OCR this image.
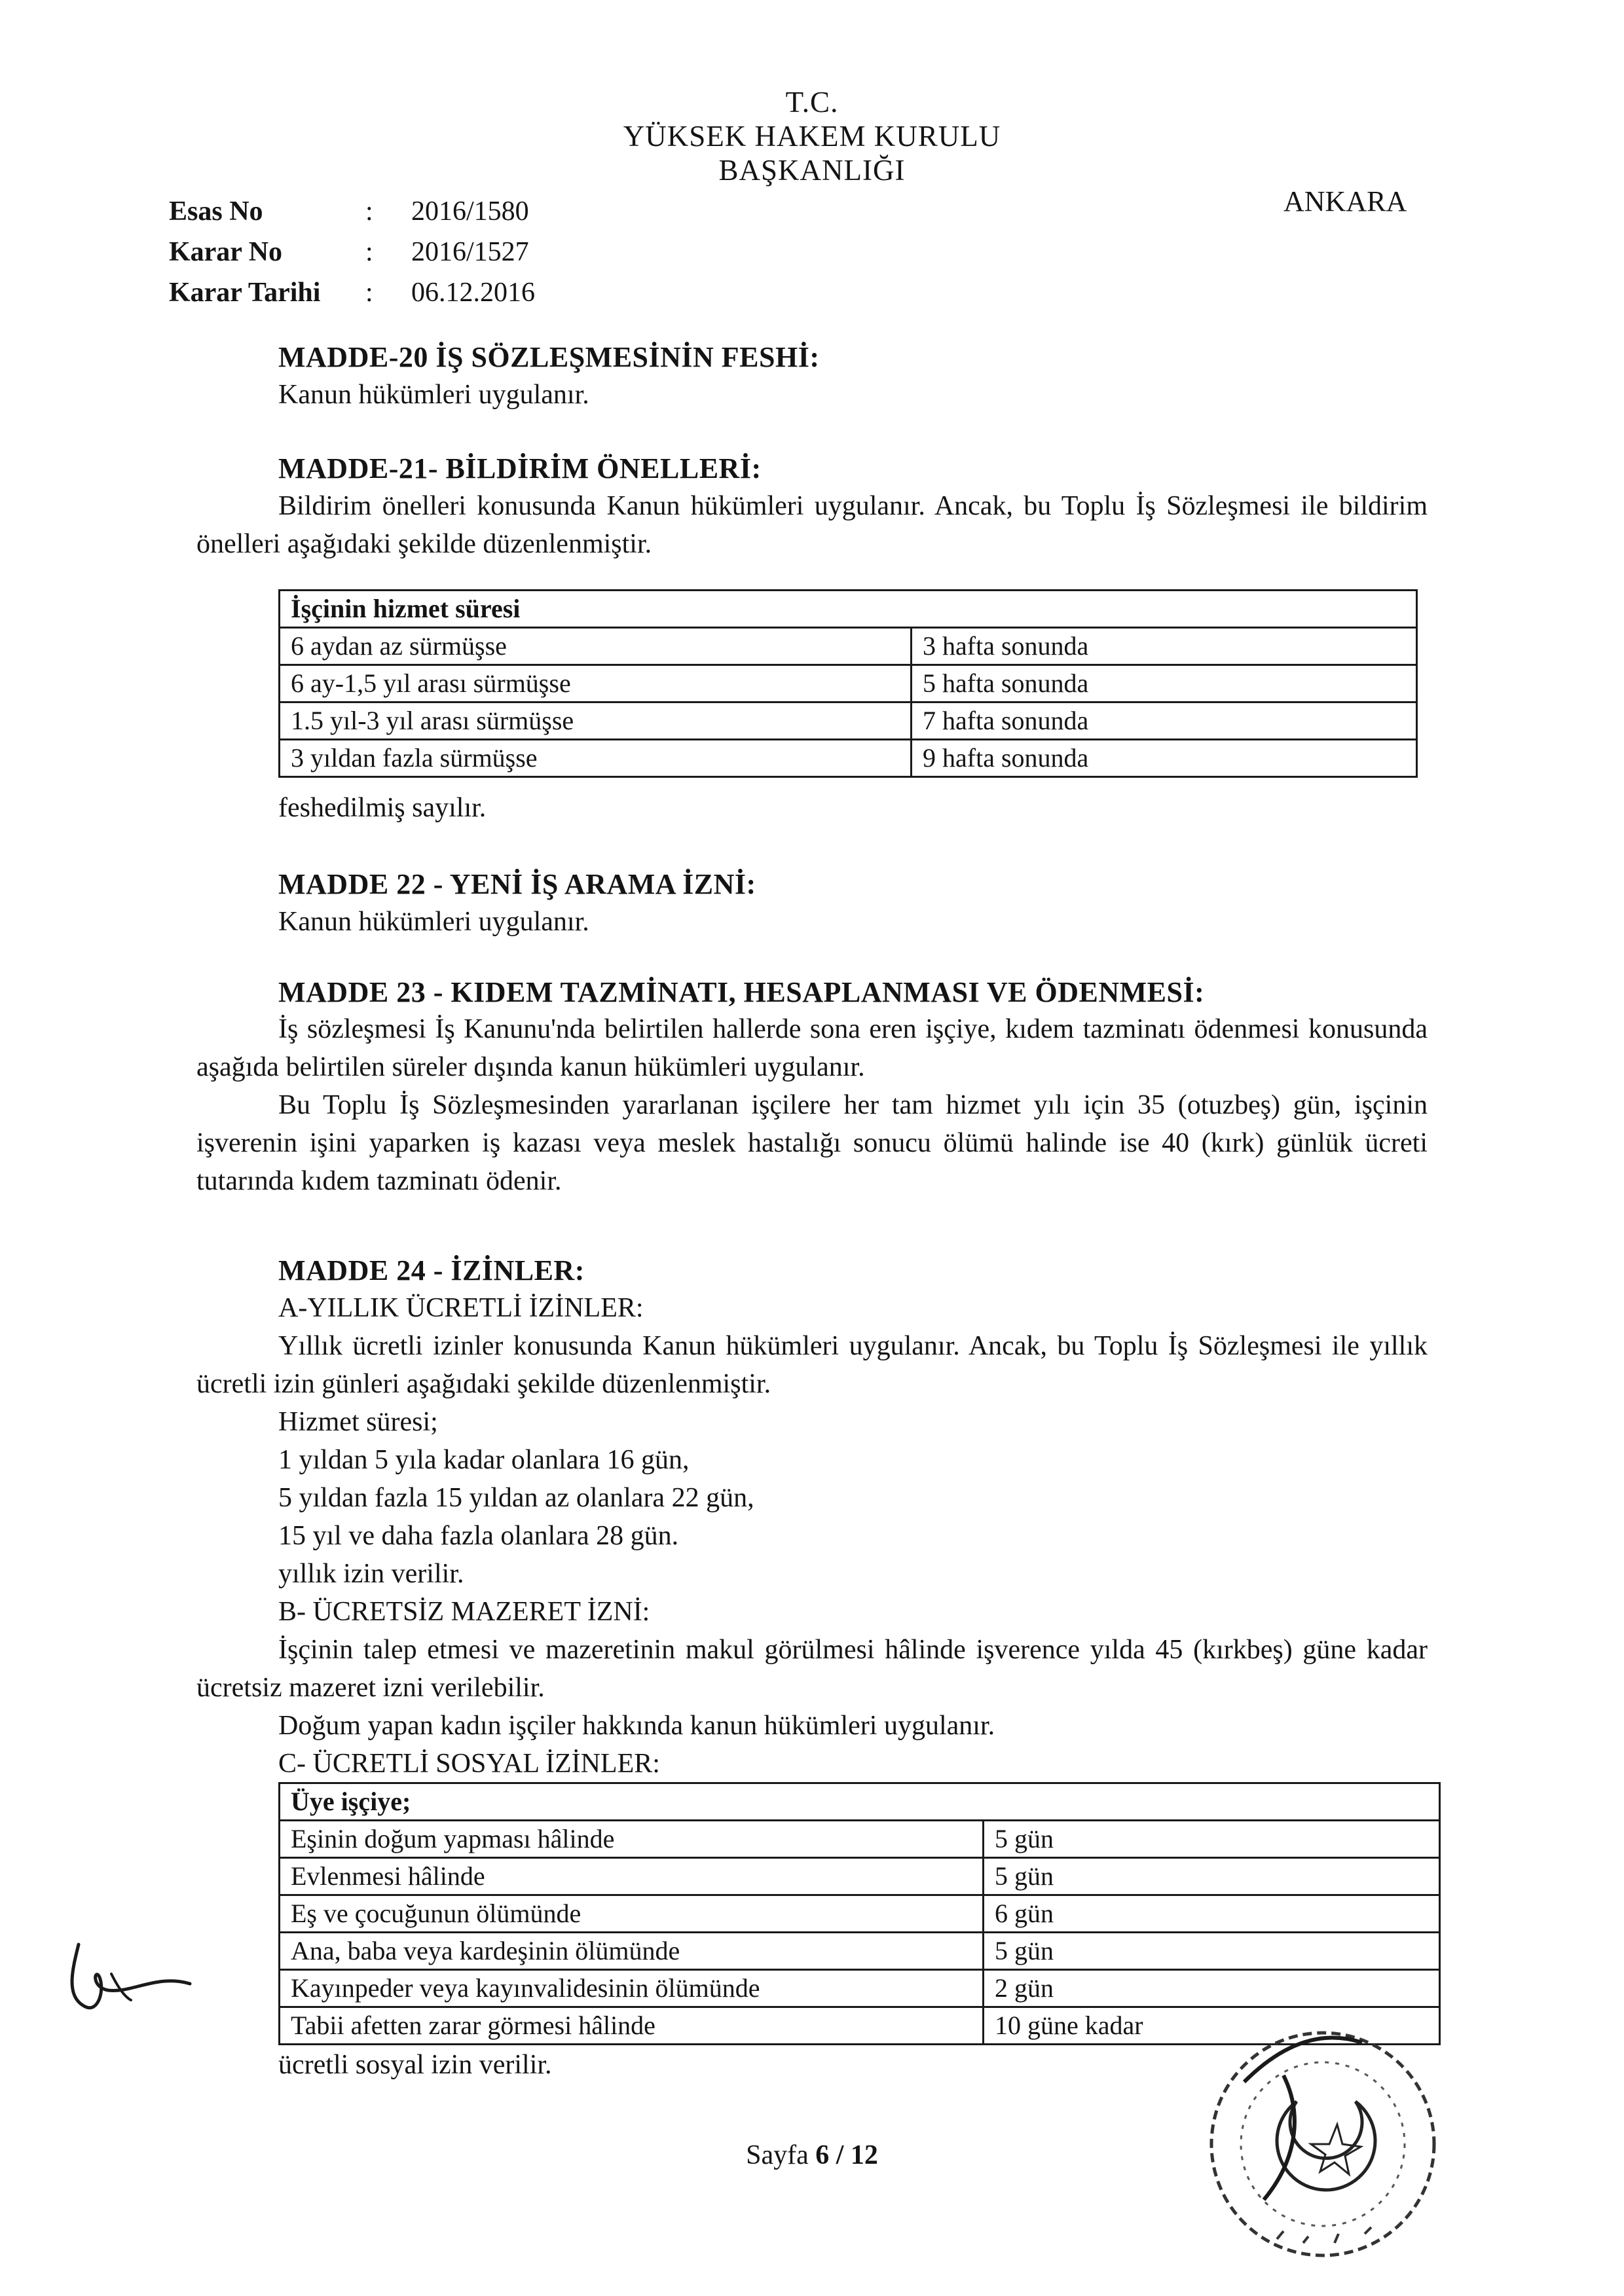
T.C.
YÜKSEK HAKEM KURULU
BAŞKANLIĞI
ANKARA
Esas No	: 2016/1580
Karar No	: 2016/1527
Karar Tarihi : 06.12.2016
MADDE-20 İŞ SÖZLEŞMESİNİN FESHİ:
Kanun hükümleri uygulanır.
MADDE-21- BİLDİRİM ÖNELLERİ:
Bildirim önelleri konusunda Kanun hükümleri uygulanır. Ancak, bu Toplu İş Sözleşmesi ile bildirim önelleri aşağıdaki şekilde düzenlenmiştir.
İşçinin hizmet süresi	
6 aydan az sürmüşse	3 hafta sonunda
6 ay-1,5 yıl arası sürmüşse	5 hafta sonunda
1.5 yıl-3 yıl arası sürmüşse	7 hafta sonunda
3 yıldan fazla sürmüşse	9 hafta sonunda
feshedilmiş sayılır.
MADDE 22 - YENİ İŞ ARAMA İZNİ:
Kanun hükümleri uygulanır.
MADDE 23 - KIDEM TAZMİNATI, HESAPLANMASI VE ÖDENMESİ:
İş sözleşmesi İş Kanunu'nda belirtilen hallerde sona eren işçiye, kıdem tazminatı ödenmesi konusunda aşağıda belirtilen süreler dışında kanun hükümleri uygulanır.
Bu Toplu İş Sözleşmesinden yararlanan işçilere her tam hizmet yılı için 35 (otuzbeş) gün, işçinin işverenin işini yaparken iş kazası veya meslek hastalığı sonucu ölümü halinde ise 40 (kırk) günlük ücreti tutarında kıdem tazminatı ödenir.
MADDE 24 - İZİNLER:
A-YILLIK ÜCRETLİ İZİNLER:
Yıllık ücretli izinler konusunda Kanun hükümleri uygulanır. Ancak, bu Toplu İş Sözleşmesi ile yıllık ücretli izin günleri aşağıdaki şekilde düzenlenmiştir.
Hizmet süresi;
1 yıldan 5 yıla kadar olanlara 16 gün,
5 yıldan fazla 15 yıldan az olanlara 22 gün,
15 yıl ve daha fazla olanlara 28 gün.
yıllık izin verilir.
B- ÜCRETSİZ MAZERET İZNİ:
İşçinin talep etmesi ve mazeretinin makul görülmesi hâlinde işverence yılda 45 (kırkbeş) güne kadar ücretsiz mazeret izni verilebilir.
Doğum yapan kadın işçiler hakkında kanun hükümleri uygulanır.
C- ÜCRETLİ SOSYAL İZİNLER:
Üye işçiye;	
Eşinin doğum yapması hâlinde	5 gün
Evlenmesi hâlinde	5 gün
Eş ve çocuğunun ölümünde	6 gün
Ana, baba veya kardeşinin ölümünde	5 gün
Kayınpeder veya kayınvalidesinin ölümünde	2 gün
Tabii afetten zarar görmesi hâlinde	10 güne kadar
ücretli sosyal izin verilir.
Sayfa 6 / 12
